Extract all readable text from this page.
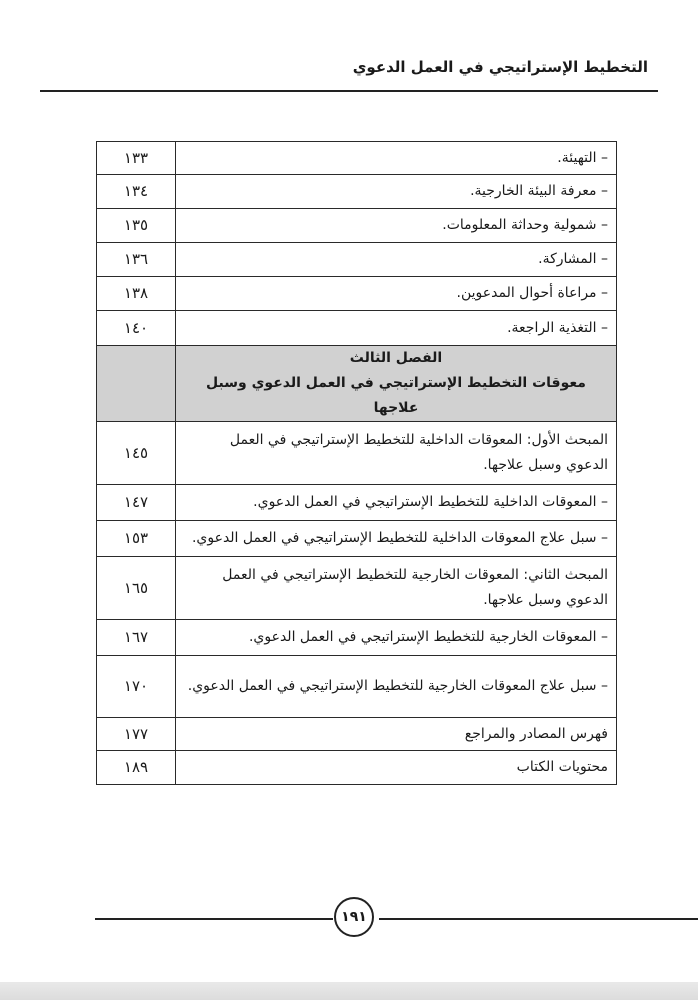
التخطيط الإستراتيجي في العمل الدعوي
– التهيئة.	١٣٣
– معرفة البيئة الخارجية.	١٣٤
– شمولية وحداثة المعلومات.	١٣٥
– المشاركة.	١٣٦
– مراعاة أحوال المدعوين.	١٣٨
– التغذية الراجعة.	١٤٠

الفصل الثالث
معوقات التخطيط الإستراتيجي في العمل الدعوي وسبل علاجها	

المبحث الأول: المعوقات الداخلية للتخطيط الإستراتيجي في العمل الدعوي وسبل علاجها.	١٤٥
– المعوقات الداخلية للتخطيط الإستراتيجي في العمل الدعوي.	١٤٧
– سبل علاج المعوقات الداخلية للتخطيط الإستراتيجي في العمل الدعوي.	١٥٣
المبحث الثاني: المعوقات الخارجية للتخطيط الإستراتيجي في العمل الدعوي وسبل علاجها.	١٦٥
– المعوقات الخارجية للتخطيط الإستراتيجي في العمل الدعوي.	١٦٧
– سبل علاج المعوقات الخارجية للتخطيط الإستراتيجي في العمل الدعوي.	١٧٠
فهرس المصادر والمراجع	١٧٧
محتويات الكتاب	١٨٩
١٩١
